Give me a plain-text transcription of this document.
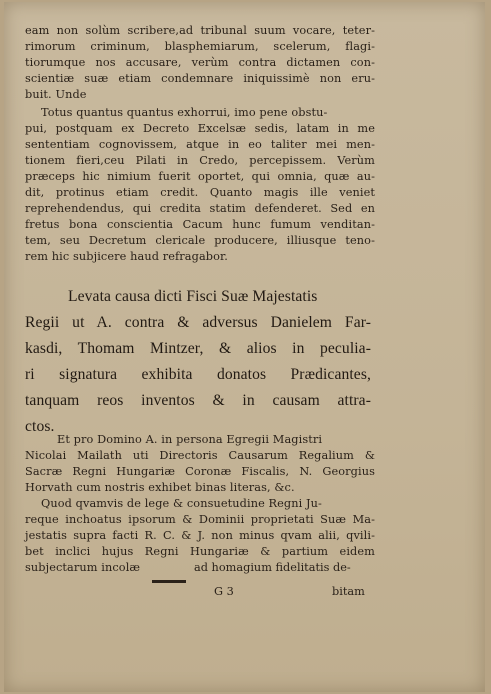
eam non solùm scribere,ad tribunal suum vocare, teter-
rimorum criminum, blasphemiarum, scelerum, flagi-
tiorumque nos accusare, verùm contra dictamen con-
scientiæ suæ etiam condemnare iniquissimè non eru-
buit. Unde
Totus quantus quantus exhorrui, imo pene obstu-
pui, postquam ex Decreto Excelsæ sedis, latam in me
sententiam cognovissem, atque in eo taliter mei men-
tionem fieri,ceu Pilati in Credo, percepissem. Verùm
præceps hic nimium fuerit oportet, qui omnia, quæ au-
dit, protinus etiam credit. Quanto magis ille veniet
reprehendendus, qui credita statim defenderet. Sed en
fretus bona conscientia Cacum hunc fumum venditan-
tem, seu Decretum clericale producere, illiusque teno-
rem hic subjicere haud refragabor.
Levata causa dicti Fisci Suæ Majestatis
Regii ut A. contra & adversus Danielem Far-
kasdi, Thomam Mintzer, & alios in peculia-
ri signatura exhibita donatos Prædicantes,
tanquam reos inventos & in causam attra-
ctos.
Et pro Domino A. in persona Egregii Magistri
Nicolai Mailath uti Directoris Causarum Regalium &
Sacræ Regni Hungariæ Coronæ Fiscalis, N. Georgius
Horvath cum nostris exhibet binas literas, &c.
Quod qvamvis de lege & consuetudine Regni Ju-
reque inchoatus ipsorum & Dominii proprietati Suæ Ma-
jestatis supra facti R. C. & J. non minus qvam alii, qvili-
bet inclici hujus Regni Hungariæ & partium eidem
subjectarum incolæ	ad homagium fidelitatis de-
G 3	bitam
